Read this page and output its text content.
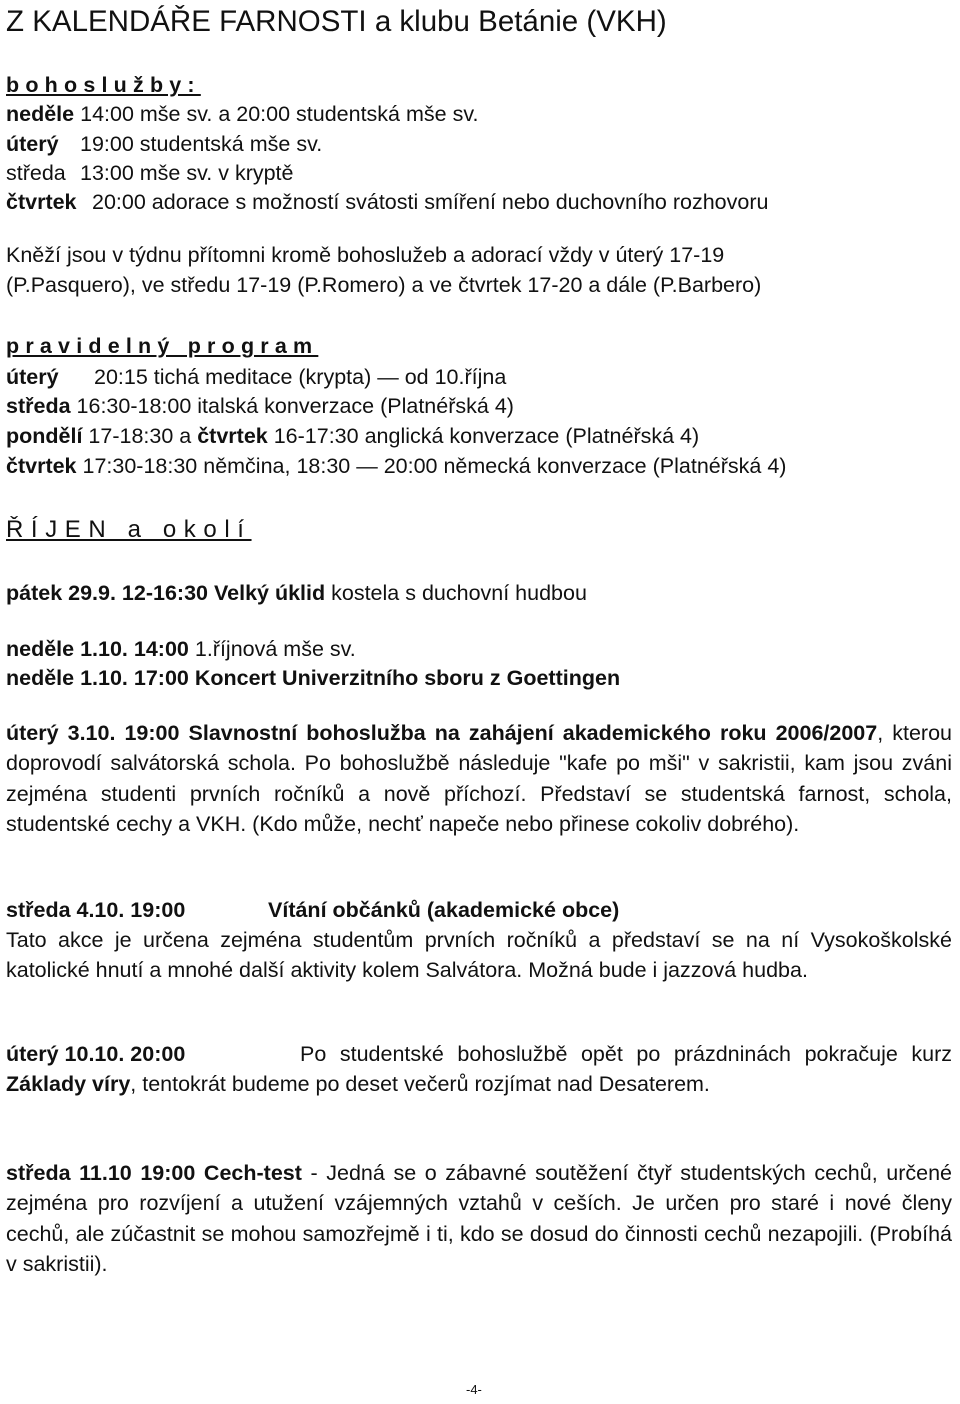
Z KALENDÁŘE FARNOSTI a klubu Betánie (VKH)
bohoslužby:
neděle 14:00 mše sv. a 20:00 studentská mše sv.
úterý 19:00 studentská mše sv.
středa 13:00 mše sv. v kryptě
čtvrtek 20:00 adorace s možností svátosti smíření nebo duchovního rozhovoru
Kněží jsou v týdnu přítomni kromě bohoslužeb a adorací vždy v úterý 17-19
(P.Pasquero), ve středu 17-19 (P.Romero) a ve čtvrtek 17-20 a dále (P.Barbero)
pravidelný program
úterý 20:15 tichá meditace (krypta) — od 10.října
středa 16:30-18:00 italská konverzace (Platnéřská 4)
pondělí 17-18:30 a čtvrtek 16-17:30 anglická konverzace (Platnéřská 4)
čtvrtek 17:30-18:30 němčina, 18:30 — 20:00 německá konverzace (Platnéřská 4)
ŘÍJEN a okolí
pátek 29.9. 12-16:30 Velký úklid kostela s duchovní hudbou
neděle 1.10. 14:00 1.říjnová mše sv.
neděle 1.10. 17:00 Koncert Univerzitního sboru z Goettingen
úterý 3.10. 19:00 Slavnostní bohoslužba na zahájení akademického roku 2006/2007, kterou doprovodí salvátorská schola. Po bohoslužbě následuje "kafe po mši" v sakristii, kam jsou zváni zejména studenti prvních ročníků a nově příchozí. Představí se studentská farnost, schola, studentské cechy a VKH. (Kdo může, nechť napeče nebo přinese cokoliv dobrého).
středa 4.10. 19:00	Vítání občánků (akademické obce)
Tato akce je určena zejména studentům prvních ročníků a představí se na ní Vysokoškolské katolické hnutí a mnohé další aktivity kolem Salvátora. Možná bude i jazzová hudba.
úterý 10.10. 20:00	Po studentské bohoslužbě opět po prázdninách pokračuje kurz Základy víry, tentokrát budeme po deset večerů rozjímat nad Desaterem.
středa 11.10 19:00 Cech-test - Jedná se o zábavné soutěžení čtyř studentských cechů, určené zejména pro rozvíjení a utužení vzájemných vztahů v ceších. Je určen pro staré i nové členy cechů, ale zúčastnit se mohou samozřejmě i ti, kdo se dosud do činnosti cechů nezapojili. (Probíhá v sakristii).
-4-
